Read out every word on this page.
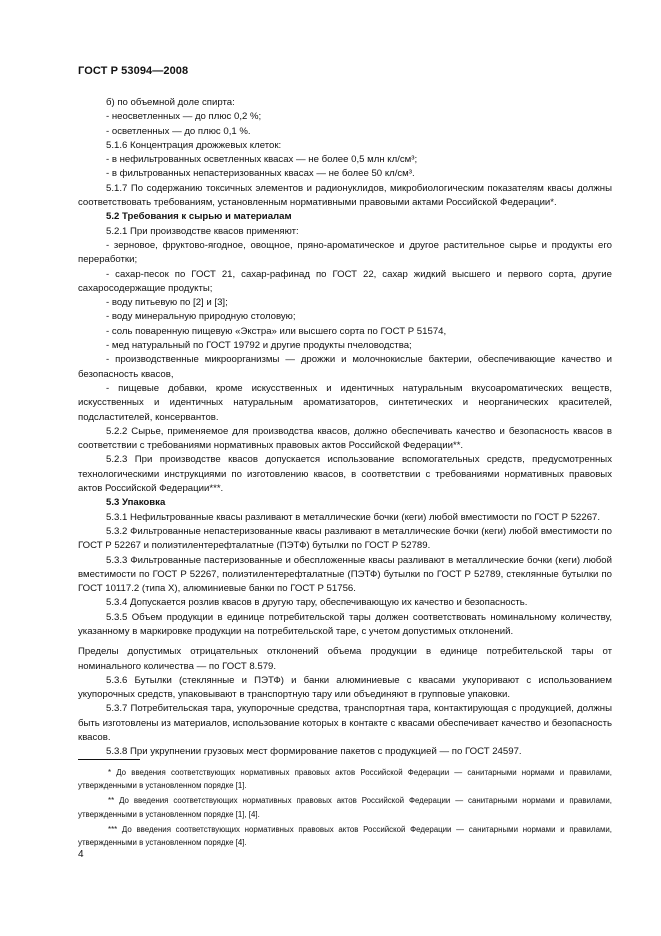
ГОСТ Р 53094—2008

б) по объемной доле спирта:

- неосветленных — до плюс 0,2 %;

- осветленных — до плюс 0,1 %.

5.1.6 Концентрация дрожжевых клеток:

- в нефильтрованных осветленных квасах — не более 0,5 млн кл/см³;

- в фильтрованных непастеризованных квасах — не более 50 кл/см³.

5.1.7 По содержанию токсичных элементов и радионуклидов, микробиологическим показателям квасы должны соответствовать требованиям, установленным нормативными правовыми актами Российской Федерации*.

5.2 Требования к сырью и материалам

5.2.1 При производстве квасов применяют:

- зерновое, фруктово-ягодное, овощное, пряно-ароматическое и другое растительное сырье и продукты его переработки;

- сахар-песок по ГОСТ 21, сахар-рафинад по ГОСТ 22, сахар жидкий высшего и первого сорта, другие сахаросодержащие продукты;

- воду питьевую по [2] и [3];

- воду минеральную природную столовую;

- соль поваренную пищевую «Экстра» или высшего сорта по ГОСТ Р 51574,

- мед натуральный по ГОСТ 19792 и другие продукты пчеловодства;

- производственные микроорганизмы — дрожжи и молочнокислые бактерии, обеспечивающие качество и безопасность квасов,

- пищевые добавки, кроме искусственных и идентичных натуральным вкусоароматических веществ, искусственных и идентичных натуральным ароматизаторов, синтетических и неорганических красителей, подсластителей, консервантов.

5.2.2 Сырье, применяемое для производства квасов, должно обеспечивать качество и безопасность квасов в соответствии с требованиями нормативных правовых актов Российской Федерации**.

5.2.3 При производстве квасов допускается использование вспомогательных средств, предусмотренных технологическими инструкциями по изготовлению квасов, в соответствии с требованиями нормативных правовых актов Российской Федерации***.

5.3 Упаковка

5.3.1 Нефильтрованные квасы разливают в металлические бочки (кеги) любой вместимости по ГОСТ Р 52267.

5.3.2 Фильтрованные непастеризованные квасы разливают в металлические бочки (кеги) любой вместимости по ГОСТ Р 52267 и полиэтилентерефталатные (ПЭТФ) бутылки по ГОСТ Р 52789.

5.3.3 Фильтрованные пастеризованные и обеспложенные квасы разливают в металлические бочки (кеги) любой вместимости по ГОСТ Р 52267, полиэтилентерефталатные (ПЭТФ) бутылки по ГОСТ Р 52789, стеклянные бутылки по ГОСТ 10117.2 (типа X), алюминиевые банки по ГОСТ Р 51756.

5.3.4 Допускается розлив квасов в другую тару, обеспечивающую их качество и безопасность.

5.3.5 Объем продукции в единице потребительской тары должен соответствовать номинальному количеству, указанному в маркировке продукции на потребительской таре, с учетом допустимых отклонений.

Пределы допустимых отрицательных отклонений объема продукции в единице потребительской тары от номинального количества — по ГОСТ 8.579.

5.3.6 Бутылки (стеклянные и ПЭТФ) и банки алюминиевые с квасами укупоривают с использованием укупорочных средств, упаковывают в транспортную тару или объединяют в групповые упаковки.

5.3.7 Потребительская тара, укупорочные средства, транспортная тара, контактирующая с продукцией, должны быть изготовлены из материалов, использование которых в контакте с квасами обеспечивает качество и безопасность квасов.

5.3.8 При укрупнении грузовых мест формирование пакетов с продукцией — по ГОСТ 24597.

* До введения соответствующих нормативных правовых актов Российской Федерации — санитарными нормами и правилами, утвержденными в установленном порядке [1].

** До введения соответствующих нормативных правовых актов Российской Федерации — санитарными нормами и правилами, утвержденными в установленном порядке [1], [4].

*** До введения соответствующих нормативных правовых актов Российской Федерации — санитарными нормами и правилами, утвержденными в установленном порядке [4].

4
